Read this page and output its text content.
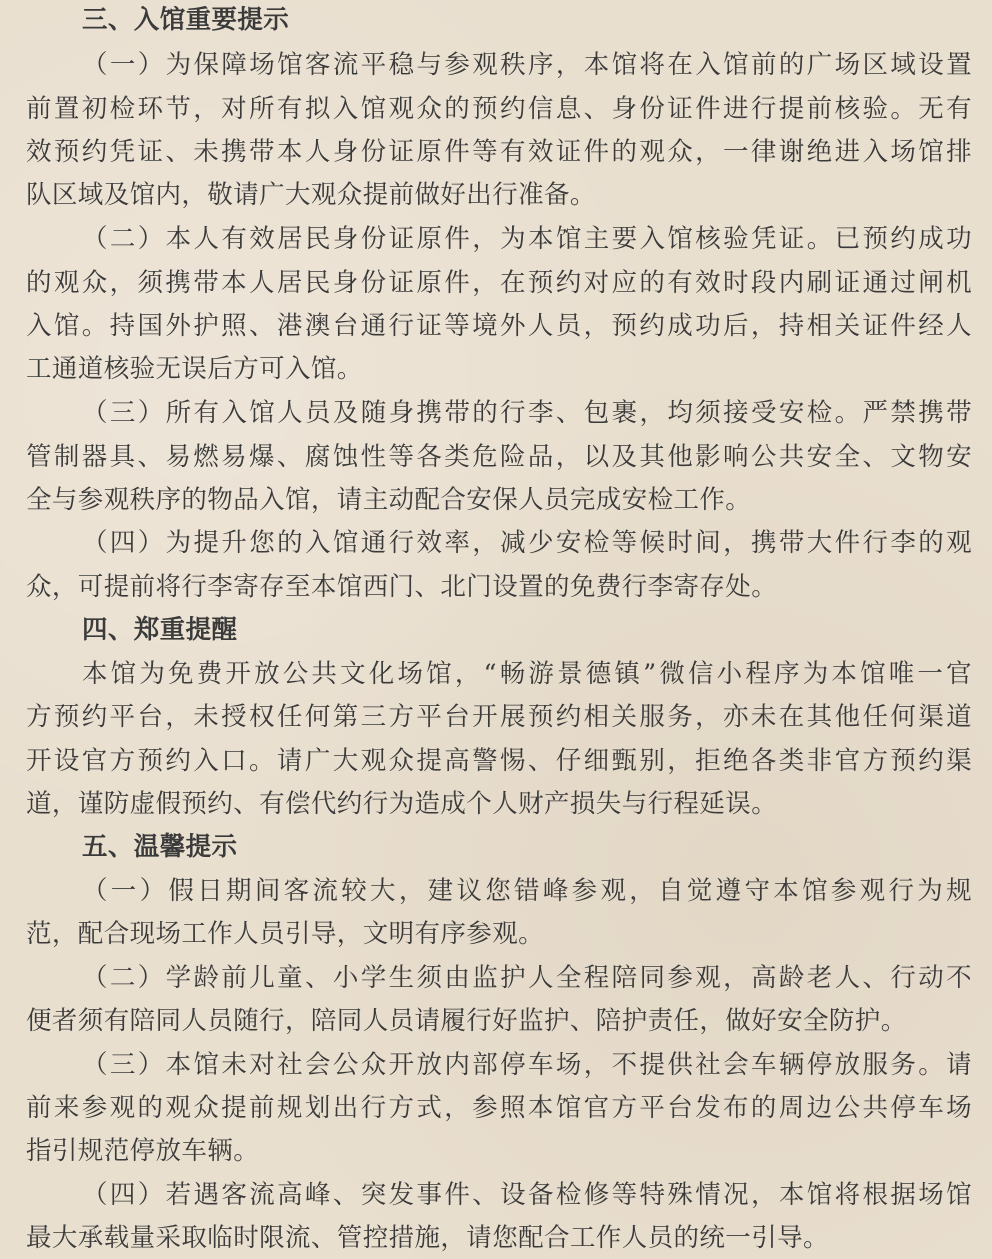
三、入馆重要提示
（一）为保障场馆客流平稳与参观秩序，本馆将在入馆前的广场区域设置
前置初检环节，对所有拟入馆观众的预约信息、身份证件进行提前核验。无有
效预约凭证、未携带本人身份证原件等有效证件的观众，一律谢绝进入场馆排
队区域及馆内，敬请广大观众提前做好出行准备。
（二）本人有效居民身份证原件，为本馆主要入馆核验凭证。已预约成功
的观众，须携带本人居民身份证原件，在预约对应的有效时段内刷证通过闸机
入馆。持国外护照、港澳台通行证等境外人员，预约成功后，持相关证件经人
工通道核验无误后方可入馆。
（三）所有入馆人员及随身携带的行李、包裹，均须接受安检。严禁携带
管制器具、易燃易爆、腐蚀性等各类危险品，以及其他影响公共安全、文物安
全与参观秩序的物品入馆，请主动配合安保人员完成安检工作。
（四）为提升您的入馆通行效率，减少安检等候时间，携带大件行李的观
众，可提前将行李寄存至本馆西门、北门设置的免费行李寄存处。
四、郑重提醒
本馆为免费开放公共文化场馆，“畅游景德镇”微信小程序为本馆唯一官
方预约平台，未授权任何第三方平台开展预约相关服务，亦未在其他任何渠道
开设官方预约入口。请广大观众提高警惕、仔细甄别，拒绝各类非官方预约渠
道，谨防虚假预约、有偿代约行为造成个人财产损失与行程延误。
五、温馨提示
（一）假日期间客流较大，建议您错峰参观，自觉遵守本馆参观行为规
范，配合现场工作人员引导，文明有序参观。
（二）学龄前儿童、小学生须由监护人全程陪同参观，高龄老人、行动不
便者须有陪同人员随行，陪同人员请履行好监护、陪护责任，做好安全防护。
（三）本馆未对社会公众开放内部停车场，不提供社会车辆停放服务。请
前来参观的观众提前规划出行方式，参照本馆官方平台发布的周边公共停车场
指引规范停放车辆。
（四）若遇客流高峰、突发事件、设备检修等特殊情况，本馆将根据场馆
最大承载量采取临时限流、管控措施，请您配合工作人员的统一引导。
